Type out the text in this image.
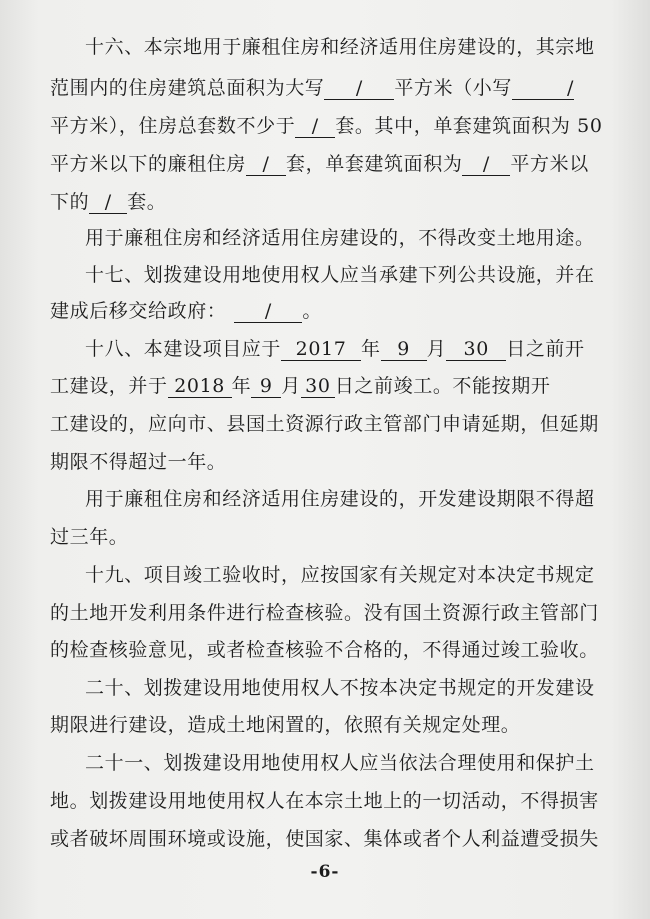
十六、本宗地用于廉租住房和经济适用住房建设的，其宗地
范围内的住房建筑总面积为大写 / 平方米（小写	/
平方米），住房总套数不少于 / 套。其中，单套建筑面积为 50
平方米以下的廉租住房 / 套，单套建筑面积为 / 平方米以
下的 / 套。
用于廉租住房和经济适用住房建设的，不得改变土地用途。
十七、划拨建设用地使用权人应当承建下列公共设施，并在
建成后移交给政府： / 。
十八、本建设项目应于 2017 年 9 月 30 日之前开
工建设，并于 2018 年 9 月 30 日之前竣工。不能按期开
工建设的，应向市、县国土资源行政主管部门申请延期，但延期
期限不得超过一年。
用于廉租住房和经济适用住房建设的，开发建设期限不得超
过三年。
十九、项目竣工验收时，应按国家有关规定对本决定书规定
的土地开发利用条件进行检查核验。没有国土资源行政主管部门
的检查核验意见，或者检查核验不合格的，不得通过竣工验收。
二十、划拨建设用地使用权人不按本决定书规定的开发建设
期限进行建设，造成土地闲置的，依照有关规定处理。
二十一、划拨建设用地使用权人应当依法合理使用和保护土
地。划拨建设用地使用权人在本宗土地上的一切活动，不得损害
或者破坏周围环境或设施，使国家、集体或者个人利益遭受损失
-6-
